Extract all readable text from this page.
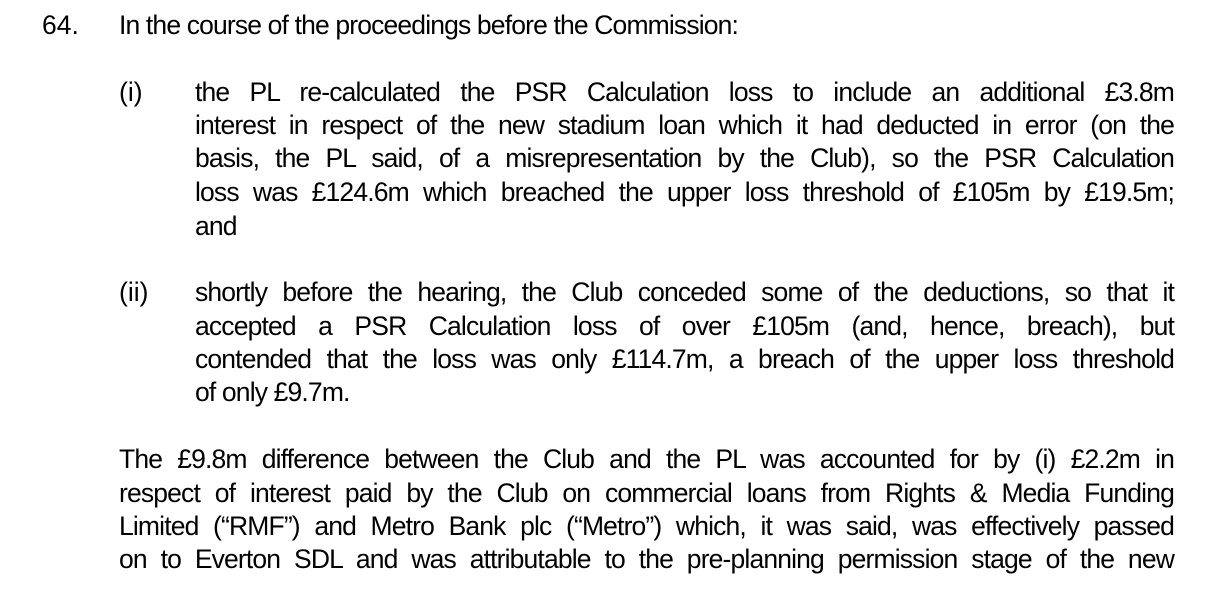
64. In the course of the proceedings before the Commission:
(i) the PL re-calculated the PSR Calculation loss to include an additional £3.8m
interest in respect of the new stadium loan which it had deducted in error (on the
basis, the PL said, of a misrepresentation by the Club), so the PSR Calculation
loss was £124.6m which breached the upper loss threshold of £105m by £19.5m;
and
(ii) shortly before the hearing, the Club conceded some of the deductions, so that it
accepted a PSR Calculation loss of over £105m (and, hence, breach), but
contended that the loss was only £114.7m, a breach of the upper loss threshold
of only £9.7m.
The £9.8m difference between the Club and the PL was accounted for by (i) £2.2m in
respect of interest paid by the Club on commercial loans from Rights & Media Funding
Limited (“RMF”) and Metro Bank plc (“Metro”) which, it was said, was effectively passed
on to Everton SDL and was attributable to the pre-planning permission stage of the new
